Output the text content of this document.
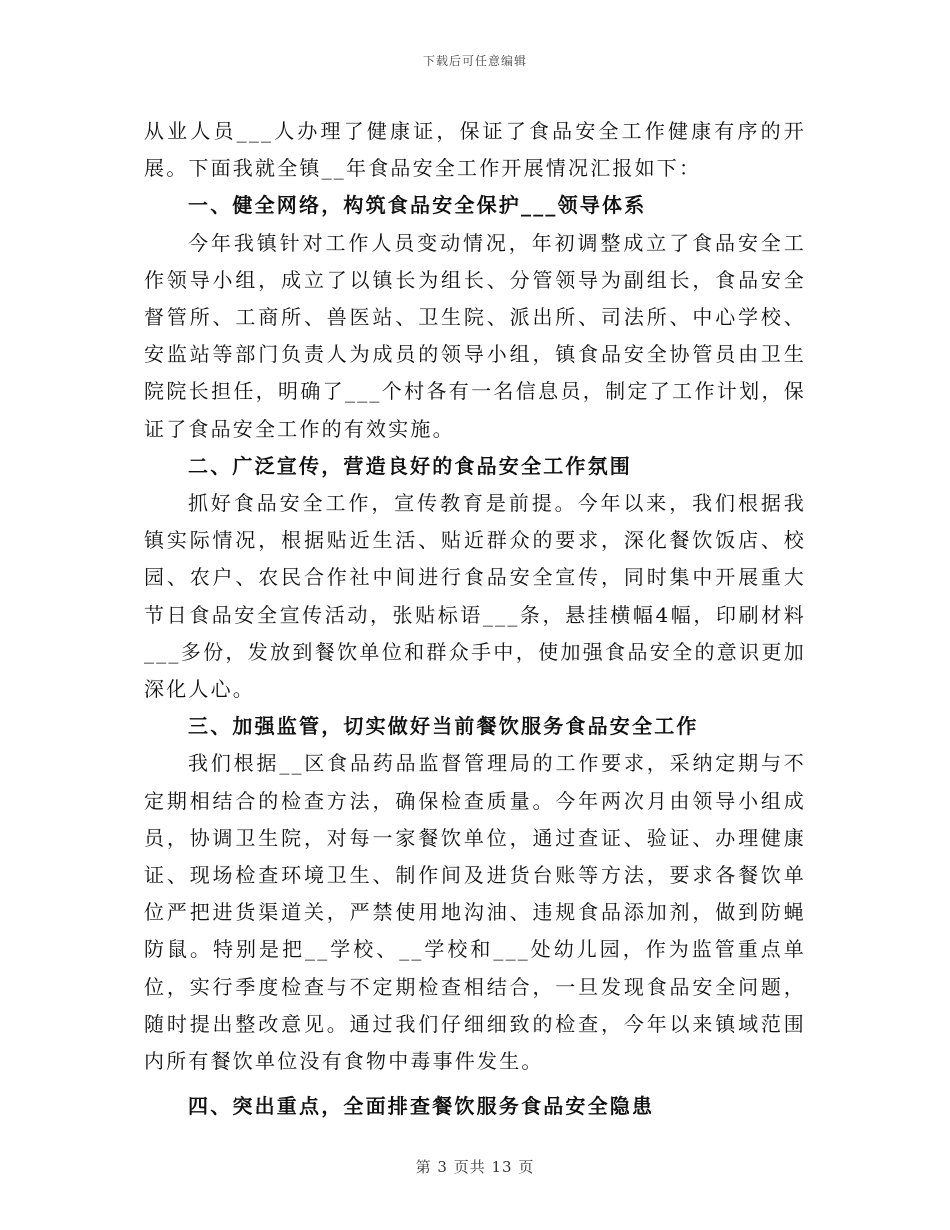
下载后可任意编辑

从业人员___人办理了健康证，保证了食品安全工作健康有序的开展。下面我就全镇__年食品安全工作开展情况汇报如下：

一、健全网络，构筑食品安全保护___领导体系

今年我镇针对工作人员变动情况，年初调整成立了食品安全工作领导小组，成立了以镇长为组长、分管领导为副组长，食品安全督管所、工商所、兽医站、卫生院、派出所、司法所、中心学校、安监站等部门负责人为成员的领导小组，镇食品安全协管员由卫生院院长担任，明确了___个村各有一名信息员，制定了工作计划，保证了食品安全工作的有效实施。

二、广泛宣传，营造良好的食品安全工作氛围

抓好食品安全工作，宣传教育是前提。今年以来，我们根据我镇实际情况，根据贴近生活、贴近群众的要求，深化餐饮饭店、校园、农户、农民合作社中间进行食品安全宣传，同时集中开展重大节日食品安全宣传活动，张贴标语___条，悬挂横幅4幅，印刷材料___多份，发放到餐饮单位和群众手中，使加强食品安全的意识更加深化人心。

三、加强监管，切实做好当前餐饮服务食品安全工作

我们根据__区食品药品监督管理局的工作要求，采纳定期与不定期相结合的检查方法，确保检查质量。今年两次月由领导小组成员，协调卫生院，对每一家餐饮单位，通过查证、验证、办理健康证、现场检查环境卫生、制作间及进货台账等方法，要求各餐饮单位严把进货渠道关，严禁使用地沟油、违规食品添加剂，做到防蝇防鼠。特别是把__学校、__学校和___处幼儿园，作为监管重点单位，实行季度检查与不定期检查相结合，一旦发现食品安全问题，随时提出整改意见。通过我们仔细细致的检查，今年以来镇域范围内所有餐饮单位没有食物中毒事件发生。

四、突出重点，全面排查餐饮服务食品安全隐患

第 3 页共 13 页
